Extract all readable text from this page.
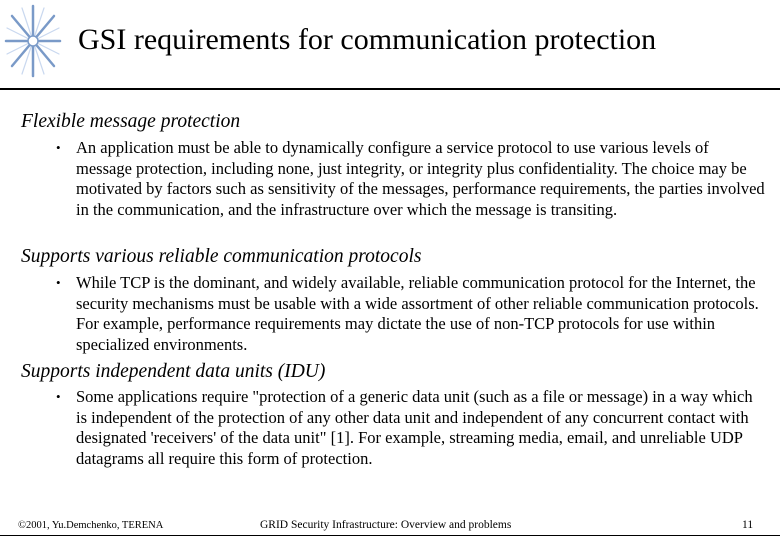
GSI requirements for communication protection
Flexible message protection
• An application must be able to dynamically configure a service protocol to use various levels of message protection, including none, just integrity, or integrity plus confidentiality. The choice may be motivated by factors such as sensitivity of the messages, performance requirements, the parties involved in the communication, and the infrastructure over which the message is transiting.
Supports various reliable communication protocols
• While TCP is the dominant, and widely available, reliable communication protocol for the Internet, the security mechanisms must be usable with a wide assortment of other reliable communication protocols. For example, performance requirements may dictate the use of non-TCP protocols for use within specialized environments.
Supports independent data units (IDU)
• Some applications require "protection of a generic data unit (such as a file or message) in a way which is independent of the protection of any other data unit and independent of any concurrent contact with designated 'receivers' of the data unit" [1]. For example, streaming media, email, and unreliable UDP datagrams all require this form of protection.
©2001, Yu.Demchenko, TERENA	GRID Security Infrastructure: Overview and problems	11
